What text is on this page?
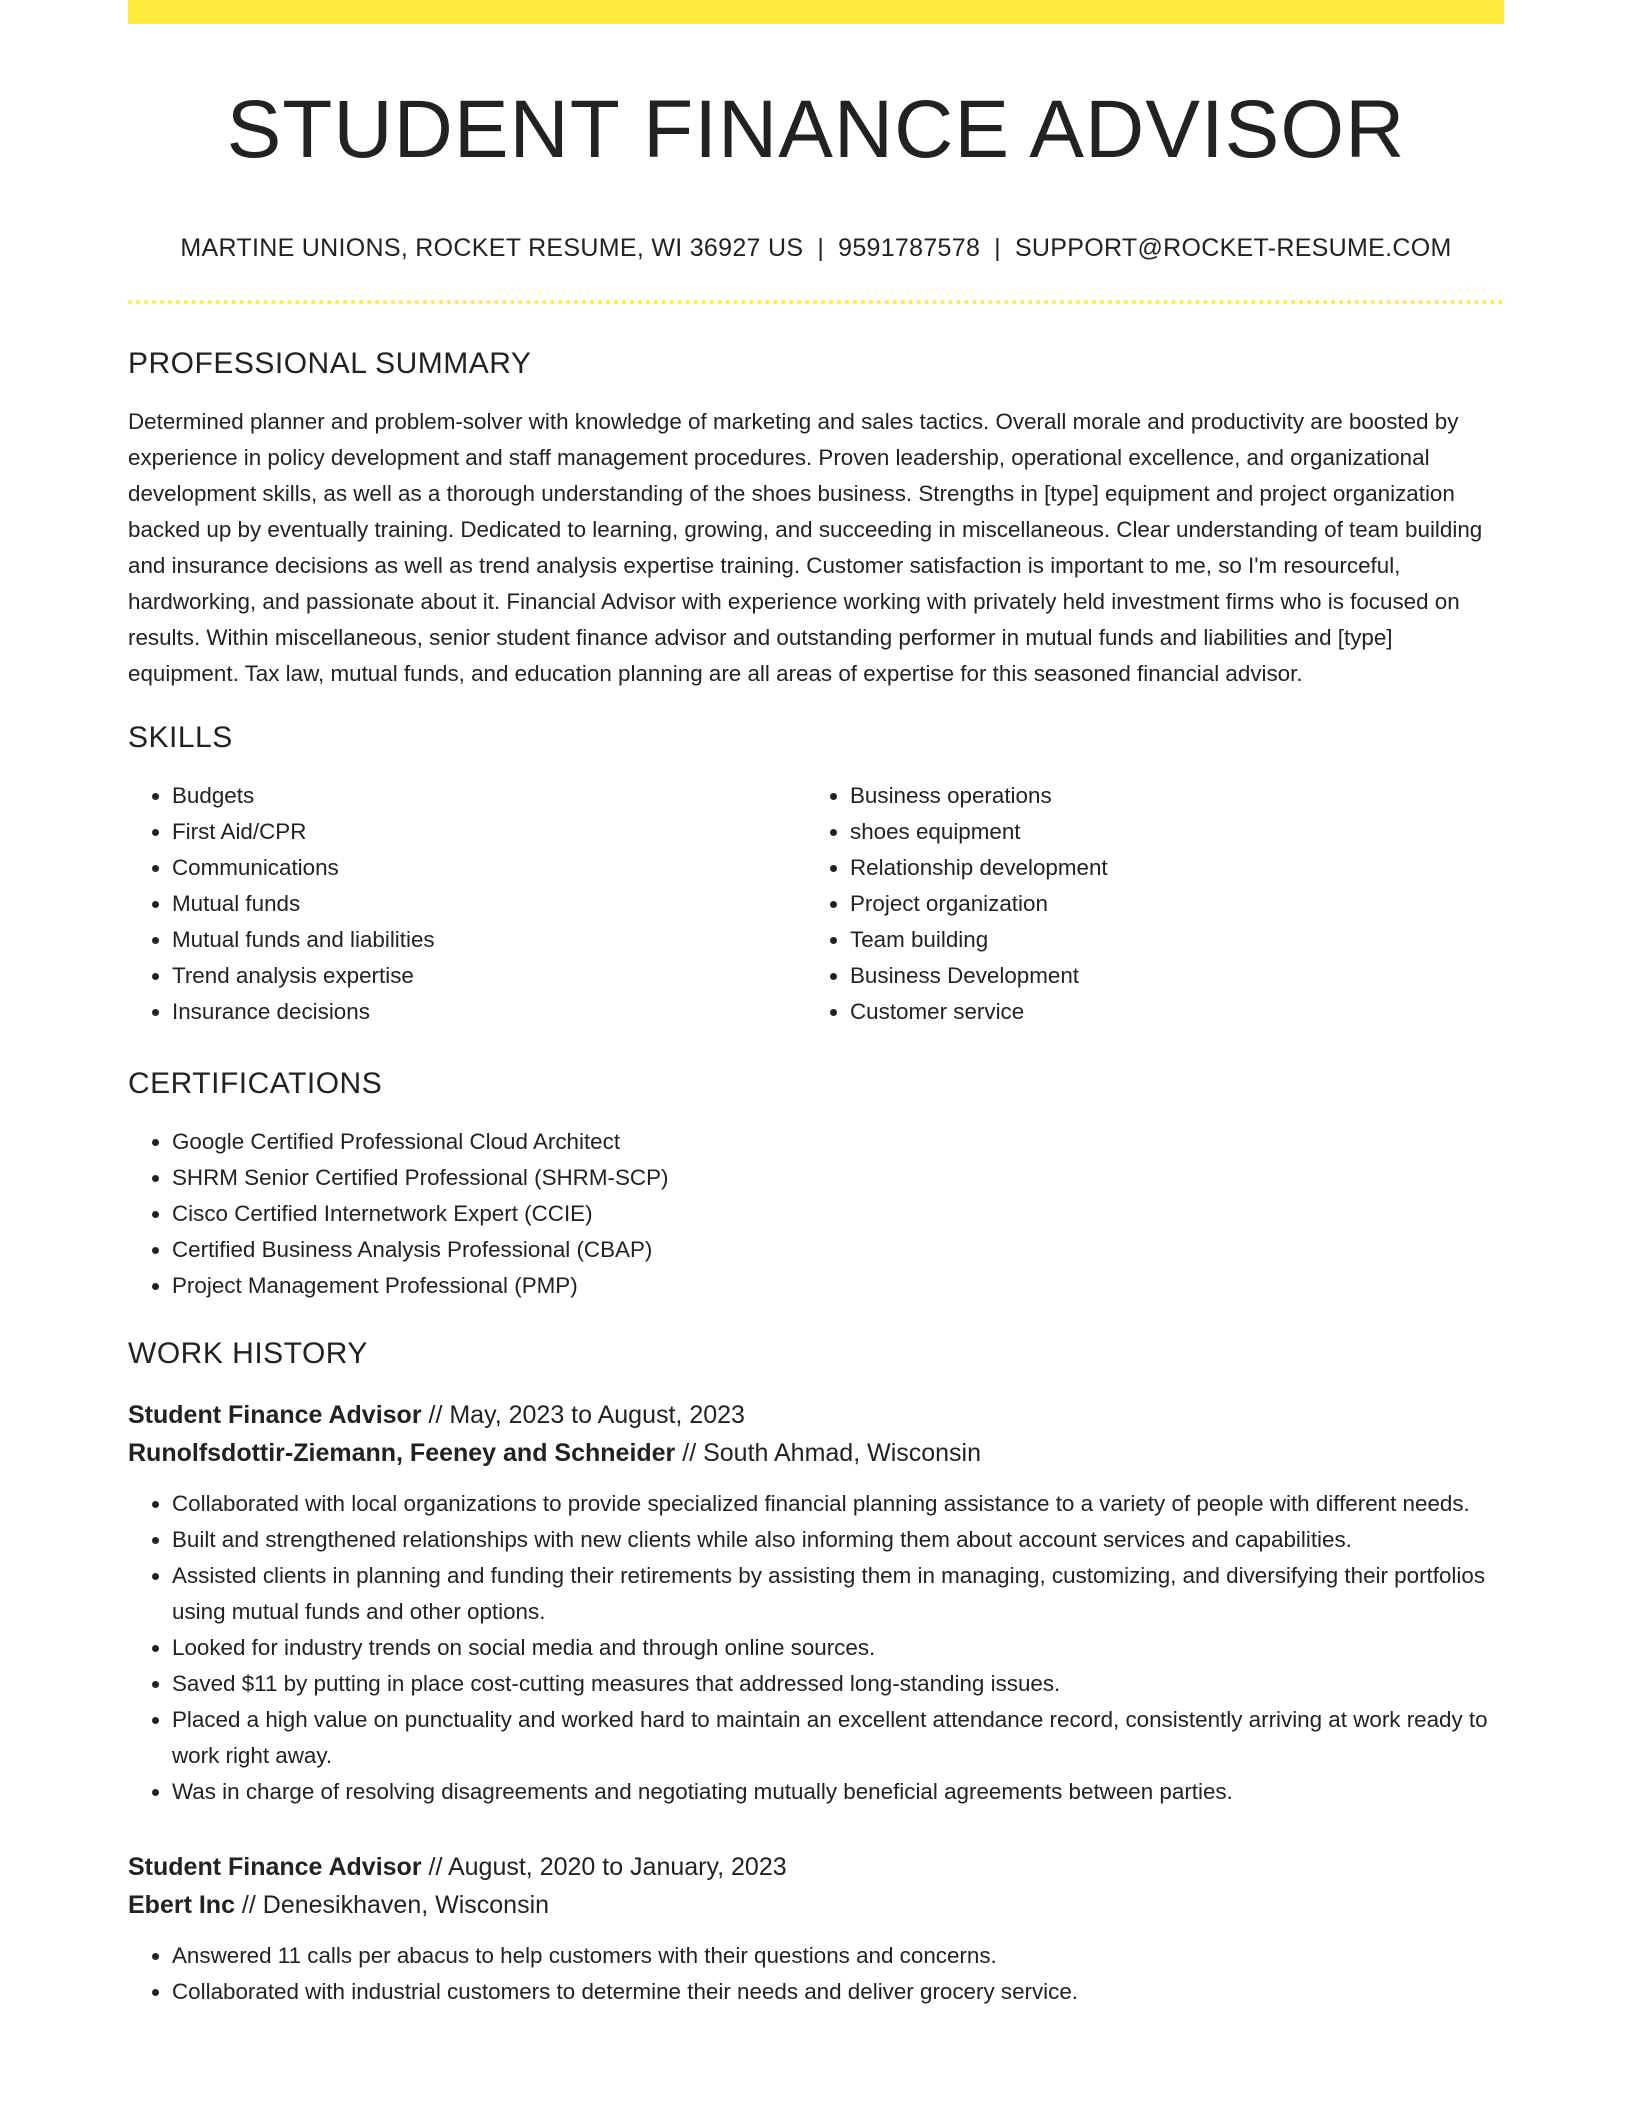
STUDENT FINANCE ADVISOR
MARTINE UNIONS, ROCKET RESUME, WI 36927 US | 9591787578 | SUPPORT@ROCKET-RESUME.COM
PROFESSIONAL SUMMARY

Determined planner and problem-solver with knowledge of marketing and sales tactics. Overall morale and productivity are boosted by experience in policy development and staff management procedures. Proven leadership, operational excellence, and organizational development skills, as well as a thorough understanding of the shoes business. Strengths in [type] equipment and project organization backed up by eventually training. Dedicated to learning, growing, and succeeding in miscellaneous. Clear understanding of team building and insurance decisions as well as trend analysis expertise training. Customer satisfaction is important to me, so I'm resourceful, hardworking, and passionate about it. Financial Advisor with experience working with privately held investment firms who is focused on results. Within miscellaneous, senior student finance advisor and outstanding performer in mutual funds and liabilities and [type] equipment. Tax law, mutual funds, and education planning are all areas of expertise for this seasoned financial advisor.

SKILLS
• Budgets
• First Aid/CPR
• Communications
• Mutual funds
• Mutual funds and liabilities
• Trend analysis expertise
• Insurance decisions
• Business operations
• shoes equipment
• Relationship development
• Project organization
• Team building
• Business Development
• Customer service
CERTIFICATIONS
• Google Certified Professional Cloud Architect
• SHRM Senior Certified Professional (SHRM-SCP)
• Cisco Certified Internetwork Expert (CCIE)
• Certified Business Analysis Professional (CBAP)
• Project Management Professional (PMP)
WORK HISTORY
Student Finance Advisor // May, 2023 to August, 2023
Runolfsdottir-Ziemann, Feeney and Schneider // South Ahmad, Wisconsin
• Collaborated with local organizations to provide specialized financial planning assistance to a variety of people with different needs.
• Built and strengthened relationships with new clients while also informing them about account services and capabilities.
• Assisted clients in planning and funding their retirements by assisting them in managing, customizing, and diversifying their portfolios using mutual funds and other options.
• Looked for industry trends on social media and through online sources.
• Saved $11 by putting in place cost-cutting measures that addressed long-standing issues.
• Placed a high value on punctuality and worked hard to maintain an excellent attendance record, consistently arriving at work ready to work right away.
• Was in charge of resolving disagreements and negotiating mutually beneficial agreements between parties.
Student Finance Advisor // August, 2020 to January, 2023
Ebert Inc // Denesikhaven, Wisconsin
• Answered 11 calls per abacus to help customers with their questions and concerns.
• Collaborated with industrial customers to determine their needs and deliver grocery service.
